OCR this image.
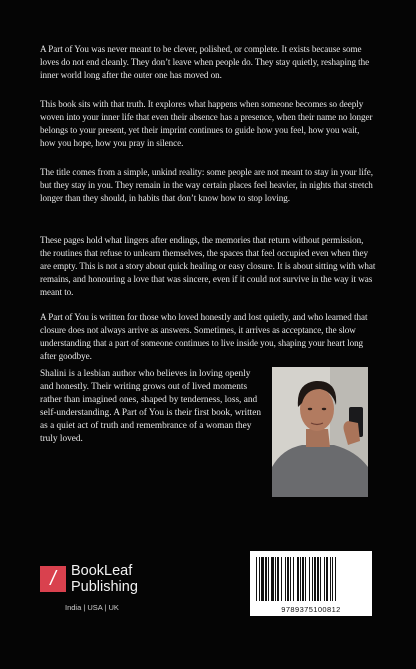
A Part of You was never meant to be clever, polished, or complete. It exists because some loves do not end cleanly. They don’t leave when people do. They stay quietly, reshaping the inner world long after the outer one has moved on.
This book sits with that truth. It explores what happens when someone becomes so deeply woven into your inner life that even their absence has a presence, when their name no longer belongs to your present, yet their imprint continues to guide how you feel, how you wait, how you hope, how you pray in silence.
The title comes from a simple, unkind reality: some people are not meant to stay in your life, but they stay in you. They remain in the way certain places feel heavier, in nights that stretch longer than they should, in habits that don’t know how to stop loving.
These pages hold what lingers after endings, the memories that return without permission, the routines that refuse to unlearn themselves, the spaces that feel occupied even when they are empty. This is not a story about quick healing or easy closure. It is about sitting with what remains, and honouring a love that was sincere, even if it could not survive in the way it was meant to.
A Part of You is written for those who loved honestly and lost quietly, and who learned that closure does not always arrive as answers. Sometimes, it arrives as acceptance, the slow understanding that a part of someone continues to live inside you, shaping your heart long after goodbye.
Shalini is a lesbian author who believes in loving openly and honestly. Their writing grows out of lived moments rather than imagined ones, shaped by tenderness, loss, and self-understanding. A Part of You is their first book, written as a quiet act of truth and remembrance of a woman they truly loved.
/	BookLeaf
Publishing
India | USA | UK	9789375100812
